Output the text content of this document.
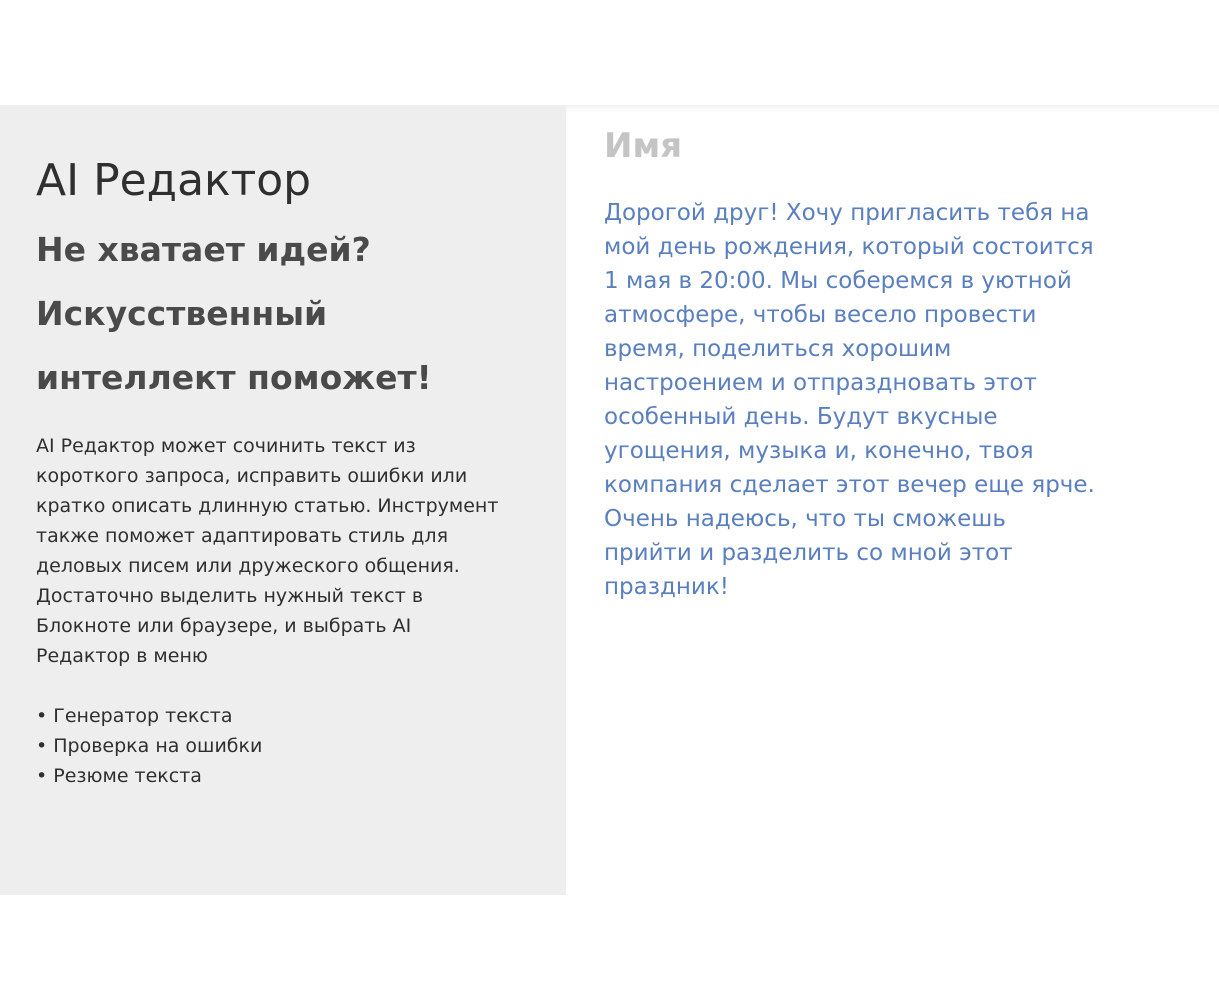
AI Редактор
Не хватает идей?
Искусственный
интеллект поможет!

AI Редактор может сочинить текст из
короткого запроса, исправить ошибки или
кратко описать длинную статью. Инструмент
также поможет адаптировать стиль для
деловых писем или дружеского общения.
Достаточно выделить нужный текст в
Блокноте или браузере, и выбрать AI
Редактор в меню

• Генератор текста
• Проверка на ошибки
• Резюме текста
Имя
Дорогой друг! Хочу пригласить тебя на
мой день рождения, который состоится
1 мая в 20:00. Мы соберемся в уютной
атмосфере, чтобы весело провести
время, поделиться хорошим
настроением и отпраздновать этот
особенный день. Будут вкусные
угощения, музыка и, конечно, твоя
компания сделает этот вечер еще ярче.
Очень надеюсь, что ты сможешь
прийти и разделить со мной этот
праздник!
